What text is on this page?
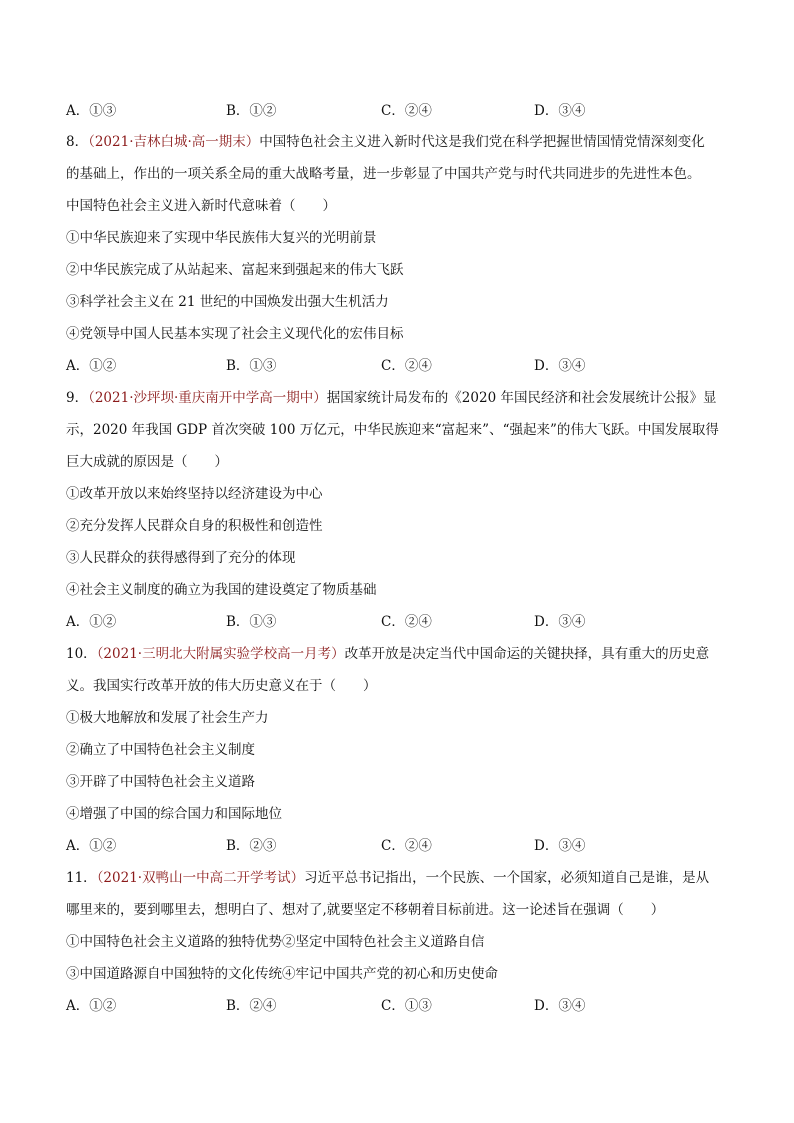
A．①③	B．①②	C．②④	D．③④
8．（2021·吉林白城·高一期末）中国特色社会主义进入新时代这是我们党在科学把握世情国情党情深刻变化
的基础上，作出的一项关系全局的重大战略考量，进一步彰显了中国共产党与时代共同进步的先进性本色。
中国特色社会主义进入新时代意味着（　　）
①中华民族迎来了实现中华民族伟大复兴的光明前景
②中华民族完成了从站起来、富起来到强起来的伟大飞跃
③科学社会主义在 21 世纪的中国焕发出强大生机活力
④党领导中国人民基本实现了社会主义现代化的宏伟目标
A．①②	B．①③	C．②④	D．③④
9．（2021·沙坪坝·重庆南开中学高一期中）据国家统计局发布的《2020 年国民经济和社会发展统计公报》显
示，2020 年我国 GDP 首次突破 100 万亿元，中华民族迎来“富起来”、“强起来”的伟大飞跃。中国发展取得
巨大成就的原因是（　　）
①改革开放以来始终坚持以经济建设为中心
②充分发挥人民群众自身的积极性和创造性
③人民群众的获得感得到了充分的体现
④社会主义制度的确立为我国的建设奠定了物质基础
A．①②	B．①③	C．②④	D．③④
10．（2021·三明北大附属实验学校高一月考）改革开放是决定当代中国命运的关键抉择，具有重大的历史意
义。我国实行改革开放的伟大历史意义在于（　　）
①极大地解放和发展了社会生产力
②确立了中国特色社会主义制度
③开辟了中国特色社会主义道路
④增强了中国的综合国力和国际地位
A．①②	B．②③	C．②④	D．③④
11．（2021·双鸭山一中高二开学考试）习近平总书记指出，一个民族、一个国家，必须知道自己是谁，是从
哪里来的，要到哪里去，想明白了、想对了,就要坚定不移朝着目标前进。这一论述旨在强调（　　）
①中国特色社会主义道路的独特优势②坚定中国特色社会主义道路自信
③中国道路源自中国独特的文化传统④牢记中国共产党的初心和历史使命
A．①②	B．②④	C．①③	D．③④
